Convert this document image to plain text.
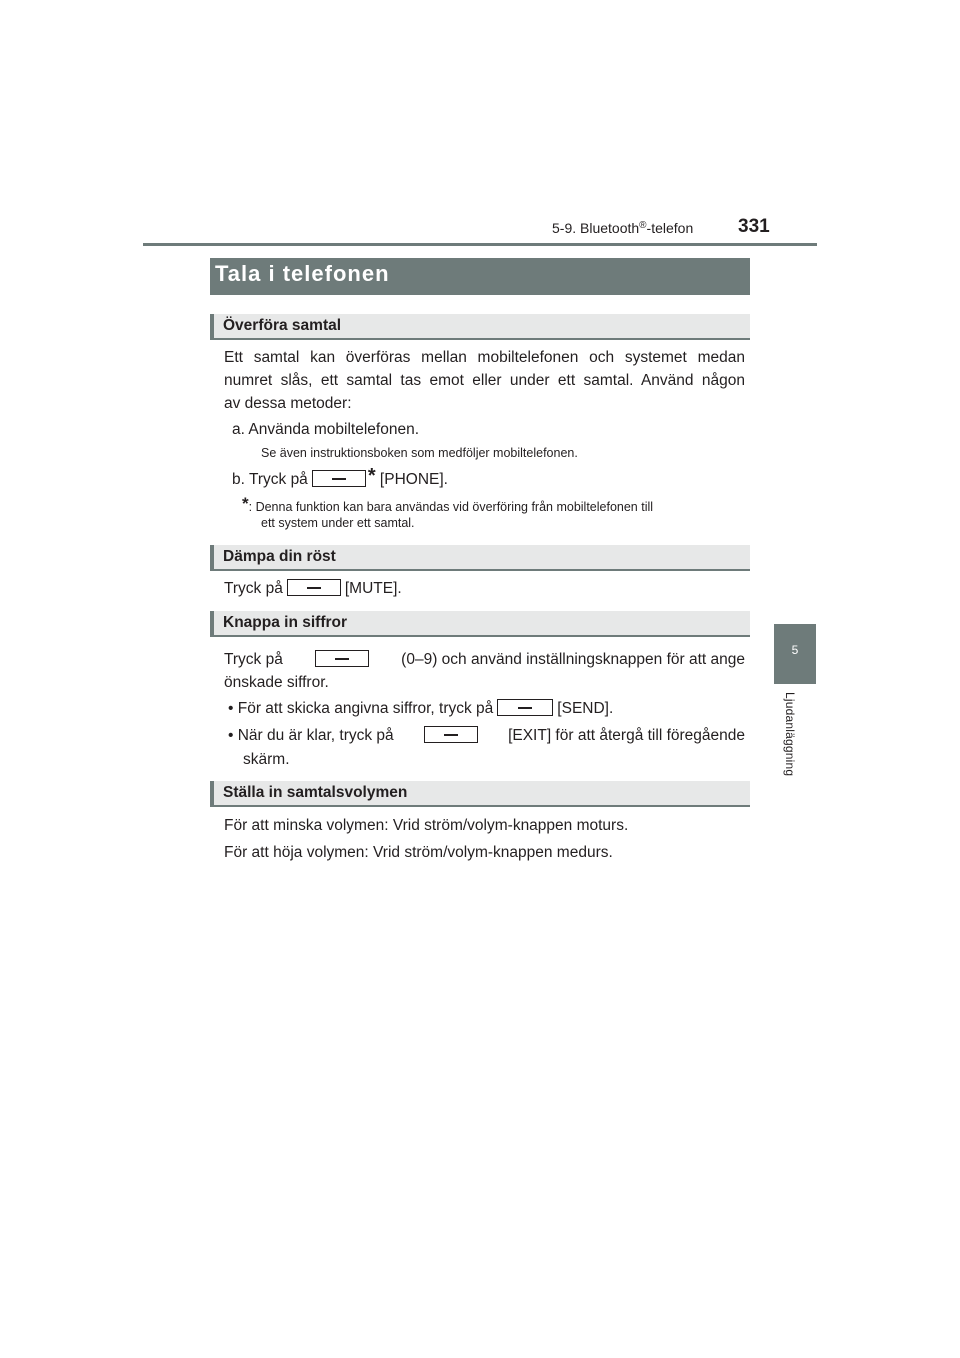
5-9. Bluetooth®-telefon 331
5
Ljudanläggning
Tala i telefonen
Överföra samtal
Ett samtal kan överföras mellan mobiltelefonen och systemet medan
numret slås, ett samtal tas emot eller under ett samtal. Använd någon
av dessa metoder:
a. Använda mobiltelefonen.
Se även instruktionsboken som medföljer mobiltelefonen.
b. Tryck på	* [PHONE].
*: Denna funktion kan bara användas vid överföring från mobiltelefonen till
ett system under ett samtal.
Dämpa din röst
Tryck på	[MUTE].
Knappa in siffror
Tryck på	(0–9) och använd inställningsknappen för att ange
önskade siffror.
• För att skicka angivna siffror, tryck på	[SEND].
• När du är klar, tryck på	[EXIT] för att återgå till föregående
skärm.
Ställa in samtalsvolymen
För att minska volymen: Vrid ström/volym-knappen moturs.
För att höja volymen: Vrid ström/volym-knappen medurs.
